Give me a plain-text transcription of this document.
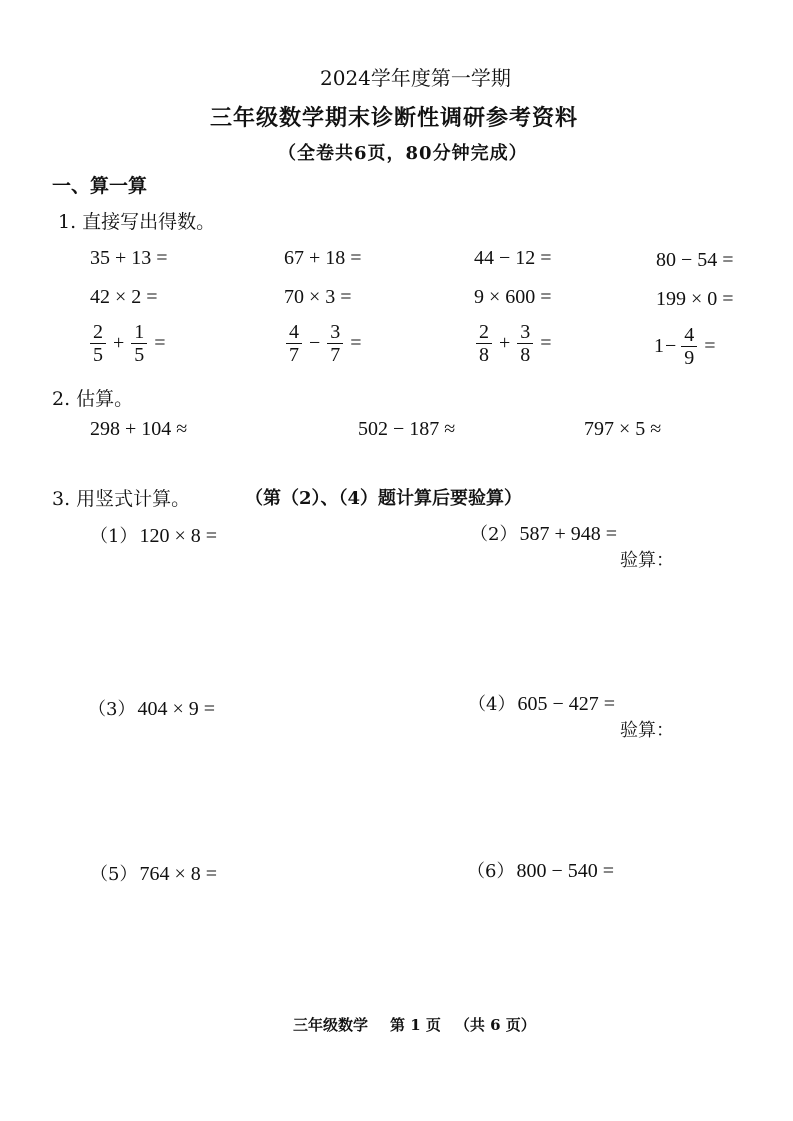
2024学年度第一学期
三年级数学期末诊断性调研参考资料
（全卷共6页，80分钟完成）
一、算一算
1. 直接写出得数。
35 + 13 =	67 + 18 =	44 − 12 =	80 − 54 =
42 × 2 =	70 × 3 =	9 × 600 =	199 × 0 =
$\frac{2}{5} + \frac{1}{5}$ =	$\frac{4}{7} - \frac{3}{7}$ =	$\frac{2}{8} + \frac{3}{8}$ =	$1 - \frac{4}{9}$ =
2. 估算。
298 + 104 ≈	502 − 187 ≈	797 × 5 ≈
3. 用竖式计算。	（第（2）、（4）题计算后要验算）
（1） 120 × 8 =	（2） 587 + 948 =
验算：
（3） 404 × 9 =	（4） 605 − 427 =
验算：
（5） 764 × 8 =	（6） 800 − 540 =
三年级数学 第 1 页 （共 6 页）
